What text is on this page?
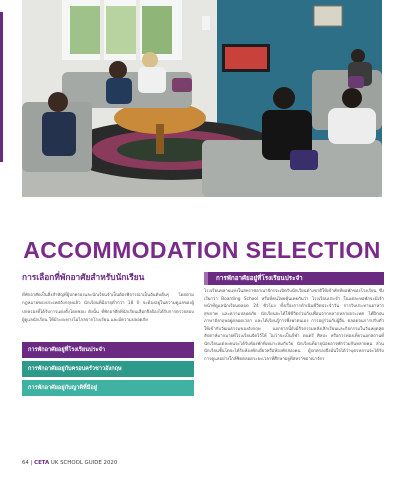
ACCOMMODATION SELECTION
การเลือกที่พักอาศัยสำหรับนักเรียน

ที่พักอาศัยเป็นสิ่งสำคัญที่ผู้ปกครองและนักเรียนจำเป็นต้องพิจารณาเป็นอันดับต้นๆ โดยตามกฎหมายของประเทศอังกฤษแล้ว นักเรียนที่มีอายุต่ำกว่า 18 ปี จะต้องอยู่ในความดูแลของผู้ปกครองที่ได้รับการแต่งตั้งโดยชอบ ดังนั้น ที่พักอาศัยที่นักเรียนเลือกจึงต้องได้รับการตรวจสอบ ผู้ดูแลนักเรียน ให้มีระยะทางไม่ไกลจากโรงเรียน และมีความปลอดภัย

การพักอาศัยอยู่ที่โรงเรียนประจำ
การพักอาศัยอยู่กับครอบครัวชาวอังกฤษ
การพักอาศัยอยู่กับญาติที่มีอยู่
การพักอาศัยอยู่ที่โรงเรียนประจำ

โรงเรียนหลายแห่งในสหราชอาณาจักรจะเปิดรับนักเรียนต่างชาติให้เข้าพักที่หอพักของโรงเรียน ซึ่งเรียกว่า Boarding School หรือที่คนไทยคุ้นเคยกันว่า โรงเรียนประจำ ในแต่ละหอพักจะมีเจ้าหน้าที่ดูแลนักเรียนตลอด 24 ชั่วโมง ทั้งเรื่องการดำเนินชีวิตประจำวัน การรับประทานอาหาร สุขภาพ และความปลอดภัย นักเรียนจะได้ใช้ชีวิตร่วมกับเพื่อนจากหลากหลายประเทศ ได้ฝึกฝนภาษาอังกฤษอยู่ตลอดเวลา และได้เรียนรู้การพึ่งพาตนเอง การอยู่ร่วมกับผู้อื่น ตลอดจนการปรับตัวให้เข้ากับวัฒนธรรมของอังกฤษ นอกจากนี้ยังมีกิจกรรมหลังเลิกเรียนและกิจกรรมในวันหยุดสุดสัปดาห์มากมายที่โรงเรียนจัดไว้ให้ ไม่ว่าจะเป็นกีฬา ดนตรี ศิลปะ หรือการท่องเที่ยวนอกสถานที่ นักเรียนแต่ละคนจะได้รับห้องพักที่เหมาะสมกับวัย นักเรียนที่อายุน้อยอาจพักร่วมกันหลายคน ส่วนนักเรียนชั้นโตจะได้รับห้องพักเดี่ยวหรือห้องพักสองคน ผู้ปกครองจึงมั่นใจได้ว่าบุตรหลานจะได้รับการดูแลอย่างใกล้ชิดตลอดระยะเวลาที่ศึกษาอยู่ที่สหราชอาณาจักร

64 | CETA UK SCHOOL GUIDE 2020
